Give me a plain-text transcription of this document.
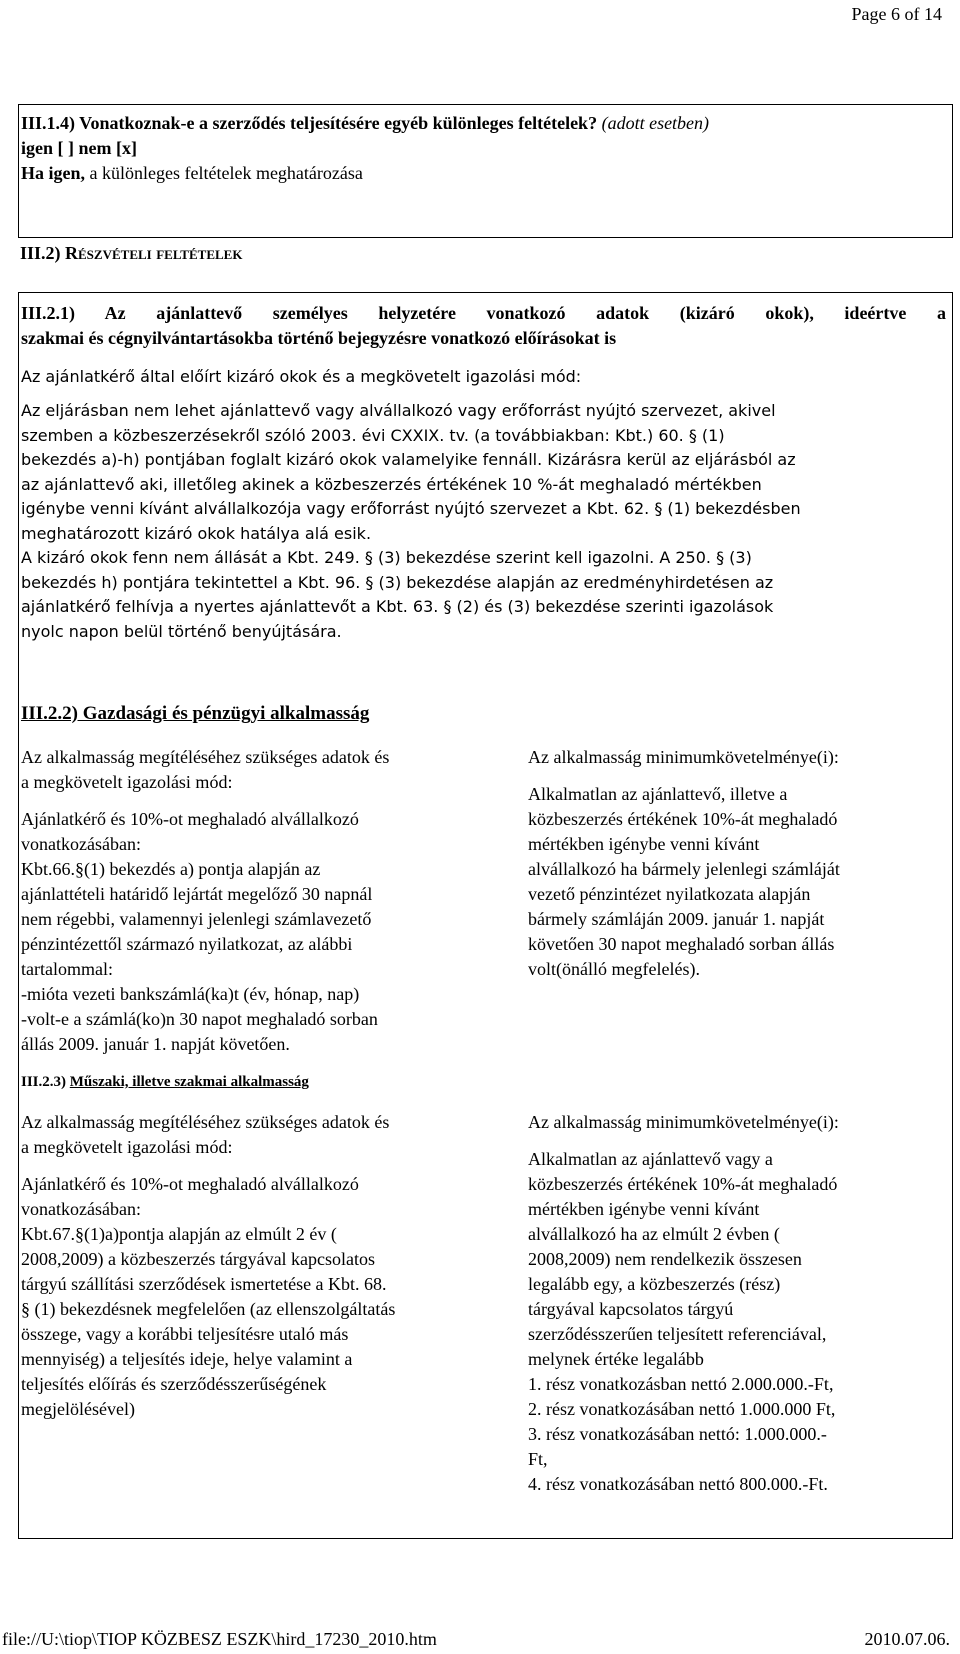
Page 6 of 14
III.1.4) Vonatkoznak-e a szerződés teljesítésére egyéb különleges feltételek? (adott esetben)
igen [ ] nem [x]
Ha igen, a különleges feltételek meghatározása
III.2) Részvételi feltételek
III.2.1) Az ajánlattevő személyes helyzetére vonatkozó adatok (kizáró okok), ideértve a
szakmai és cégnyilvántartásokba történő bejegyzésre vonatkozó előírásokat is
Az ajánlatkérő által előírt kizáró okok és a megkövetelt igazolási mód:
Az eljárásban nem lehet ajánlattevő vagy alvállalkozó vagy erőforrást nyújtó szervezet, akivel
szemben a közbeszerzésekről szóló 2003. évi CXXIX. tv. (a továbbiakban: Kbt.) 60. § (1)
bekezdés a)-h) pontjában foglalt kizáró okok valamelyike fennáll. Kizárásra kerül az eljárásból az
az ajánlattevő aki, illetőleg akinek a közbeszerzés értékének 10 %-át meghaladó mértékben
igénybe venni kívánt alvállalkozója vagy erőforrást nyújtó szervezet a Kbt. 62. § (1) bekezdésben
meghatározott kizáró okok hatálya alá esik.
A kizáró okok fenn nem állását a Kbt. 249. § (3) bekezdése szerint kell igazolni. A 250. § (3)
bekezdés h) pontjára tekintettel a Kbt. 96. § (3) bekezdése alapján az eredményhirdetésen az
ajánlatkérő felhívja a nyertes ajánlattevőt a Kbt. 63. § (2) és (3) bekezdése szerinti igazolások
nyolc napon belül történő benyújtására.
III.2.2) Gazdasági és pénzügyi alkalmasság
Az alkalmasság megítéléséhez szükséges adatok és
a megkövetelt igazolási mód:
Ajánlatkérő és 10%-ot meghaladó alvállalkozó
vonatkozásában:
Kbt.66.§(1) bekezdés a) pontja alapján az
ajánlattételi határidő lejártát megelőző 30 napnál
nem régebbi, valamennyi jelenlegi számlavezető
pénzintézettől származó nyilatkozat, az alábbi
tartalommal:
-mióta vezeti bankszámlá(ka)t (év, hónap, nap)
-volt-e a számlá(ko)n 30 napot meghaladó sorban
állás 2009. január 1. napját követően.
Az alkalmasság minimumkövetelménye(i):
Alkalmatlan az ajánlattevő, illetve a
közbeszerzés értékének 10%-át meghaladó
mértékben igénybe venni kívánt
alvállalkozó ha bármely jelenlegi számláját
vezető pénzintézet nyilatkozata alapján
bármely számláján 2009. január 1. napját
követően 30 napot meghaladó sorban állás
volt(önálló megfelelés).
III.2.3) Műszaki, illetve szakmai alkalmasság
Az alkalmasság megítéléséhez szükséges adatok és
a megkövetelt igazolási mód:
Ajánlatkérő és 10%-ot meghaladó alvállalkozó
vonatkozásában:
Kbt.67.§(1)a)pontja alapján az elmúlt 2 év (
2008,2009) a közbeszerzés tárgyával kapcsolatos
tárgyú szállítási szerződések ismertetése a Kbt. 68.
§ (1) bekezdésnek megfelelően (az ellenszolgáltatás
összege, vagy a korábbi teljesítésre utaló más
mennyiség) a teljesítés ideje, helye valamint a
teljesítés előírás és szerződésszerűségének
megjelölésével)
Az alkalmasság minimumkövetelménye(i):
Alkalmatlan az ajánlattevő vagy a
közbeszerzés értékének 10%-át meghaladó
mértékben igénybe venni kívánt
alvállalkozó ha az elmúlt 2 évben (
2008,2009) nem rendelkezik összesen
legalább egy, a közbeszerzés (rész)
tárgyával kapcsolatos tárgyú
szerződésszerűen teljesített referenciával,
melynek értéke legalább
1. rész vonatkozásban nettó 2.000.000.-Ft,
2. rész vonatkozásában nettó 1.000.000 Ft,
3. rész vonatkozásában nettó: 1.000.000.-
Ft,
4. rész vonatkozásában nettó 800.000.-Ft.
file://U:\tiop\TIOP KÖZBESZ ESZK\hird_17230_2010.htm	2010.07.06.
